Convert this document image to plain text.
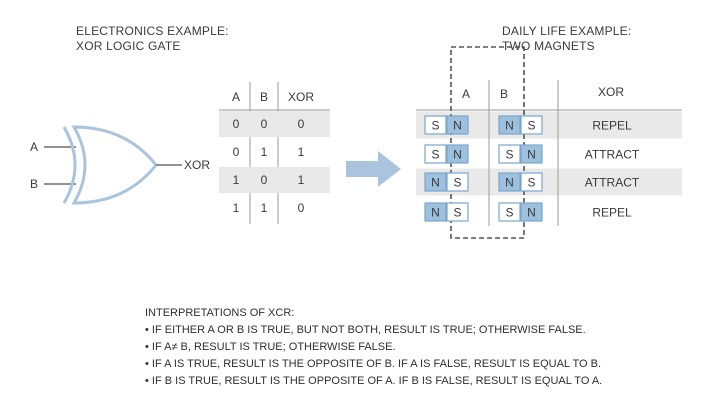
ELECTRONICS EXAMPLE:
XOR LOGIC GATE
DAILY LIFE EXAMPLE:
TWO MAGNETS
A
B
XOR
A B XOR
0 0	0
0 1	1
1 0	1
1 1	0
A B	XOR
S N	N S	REPEL
S N	S N	ATTRACT
N S	N S	ATTRACT
N S	S N	REPEL
INTERPRETATIONS OF XCR:
• IF EITHER A OR B IS TRUE, BUT NOT BOTH, RESULT IS TRUE; OTHERWISE FALSE.
• IF A≠ B, RESULT IS TRUE; OTHERWISE FALSE.
• IF A IS TRUE, RESULT IS THE OPPOSITE OF B. IF A IS FALSE, RESULT IS EQUAL TO B.
• IF B IS TRUE, RESULT IS THE OPPOSITE OF A. IF B IS FALSE, RESULT IS EQUAL TO A.
